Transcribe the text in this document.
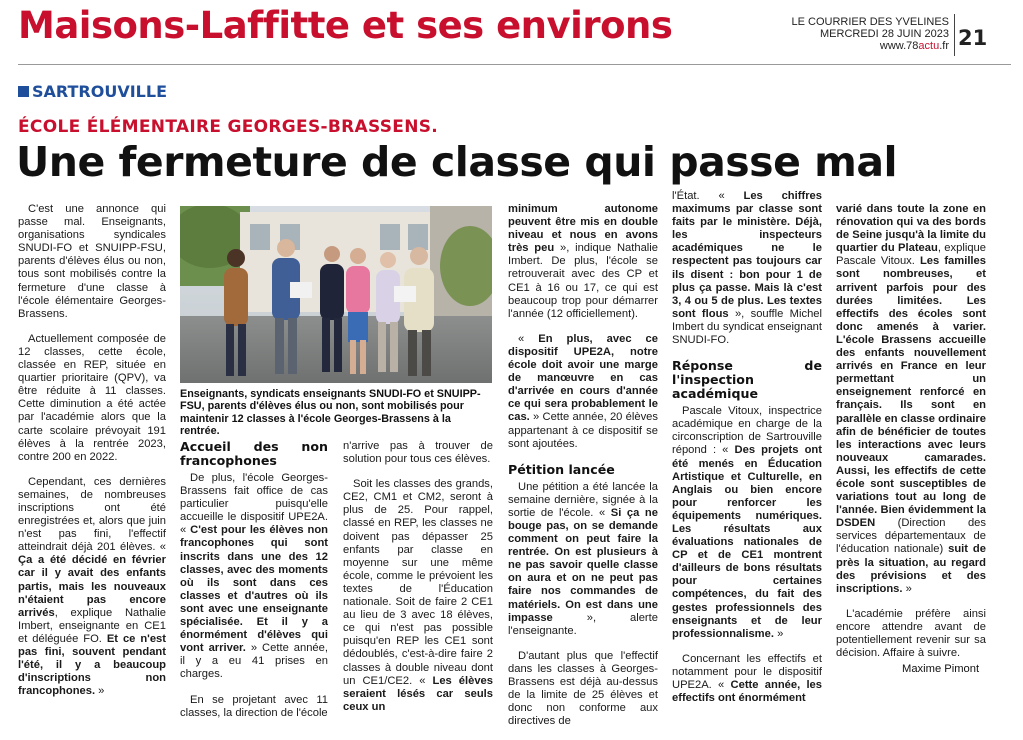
Maisons-Laffitte et ses environs	LE COURRIER DES YVELINES
MERCREDI 28 JUIN 2023
www.78actu.fr 21
SARTROUVILLE
ÉCOLE ÉLÉMENTAIRE GEORGES-BRASSENS.
Une fermeture de classe qui passe mal

C'est une annonce qui passe mal. Enseignants, organisations syndicales SNUDI-FO et SNUIPP-FSU, parents d'élèves élus ou non, tous sont mobilisés contre la fermeture d'une classe à l'école élémentaire Georges-Brassens.

Actuellement composée de 12 classes, cette école, classée en REP, située en quartier prioritaire (QPV), va être réduite à 11 classes. Cette diminution a été actée par l'académie alors que la carte scolaire prévoyait 191 élèves à la rentrée 2023, contre 200 en 2022.

Cependant, ces dernières semaines, de nombreuses inscriptions ont été enregistrées et, alors que juin n'est pas fini, l'effectif atteindrait déjà 201 élèves. « Ça a été décidé en février car il y avait des enfants partis, mais les nouveaux n'étaient pas encore arrivés, explique Nathalie Imbert, enseignante en CE1 et déléguée FO. Et ce n'est pas fini, souvent pendant l'été, il y a beaucoup d'inscriptions non francophones. »

Enseignants, syndicats enseignants SNUDI-FO et SNUIPP-FSU, parents d'élèves élus ou non, sont mobilisés pour maintenir 12 classes à l'école Georges-Brassens à la rentrée.
Accueil des non francophones

De plus, l'école Georges-Brassens fait office de cas particulier puisqu'elle accueille le dispositif UPE2A. « C'est pour les élèves non francophones qui sont inscrits dans une des 12 classes, avec des moments où ils sont dans ces classes et d'autres où ils sont avec une enseignante spécialisée. Et il y a énormément d'élèves qui vont arriver. » Cette année, il y a eu 41 prises en charges.

En se projetant avec 11 classes, la direction de l'école

n'arrive pas à trouver de solution pour tous ces élèves.

Soit les classes des grands, CE2, CM1 et CM2, seront à plus de 25. Pour rappel, classé en REP, les classes ne doivent pas dépasser 25 enfants par classe en moyenne sur une même école, comme le prévoient les textes de l'Éducation nationale. Soit de faire 2 CE1 au lieu de 3 avec 18 élèves, ce qui n'est pas possible puisqu'en REP les CE1 sont dédoublés, c'est-à-dire faire 2 classes à double niveau dont un CE1/CE2. « Les élèves seraient lésés car seuls ceux un

minimum autonome peuvent être mis en double niveau et nous en avons très peu », indique Nathalie Imbert. De plus, l'école se retrouverait avec des CP et CE1 à 16 ou 17, ce qui est beaucoup trop pour démarrer l'année (12 officiellement).

« En plus, avec ce dispositif UPE2A, notre école doit avoir une marge de manœuvre en cas d'arrivée en cours d'année ce qui sera probablement le cas. » Cette année, 20 élèves appartenant à ce dispositif se sont ajoutées.

Pétition lancée

Une pétition a été lancée la semaine dernière, signée à la sortie de l'école. « Si ça ne bouge pas, on se demande comment on peut faire la rentrée. On est plusieurs à ne pas savoir quelle classe on aura et on ne peut pas faire nos commandes de matériels. On est dans une impasse », alerte l'enseignante.

D'autant plus que l'effectif dans les classes à Georges-Brassens est déjà au-dessus de la limite de 25 élèves et donc non conforme aux directives de

l'État. « Les chiffres maximums par classe sont faits par le ministère. Déjà, les inspecteurs académiques ne le respectent pas toujours car ils disent : bon pour 1 de plus ça passe. Mais là c'est 3, 4 ou 5 de plus. Les textes sont flous », souffle Michel Imbert du syndicat enseignant SNUDI-FO.

Réponse de l'inspection académique

Pascale Vitoux, inspectrice académique en charge de la circonscription de Sartrouville répond : « Des projets ont été menés en Éducation Artistique et Culturelle, en Anglais ou bien encore pour renforcer les équipements numériques. Les résultats aux évaluations nationales de CP et de CE1 montrent d'ailleurs de bons résultats pour certaines compétences, du fait des gestes professionnels des enseignants et de leur professionnalisme. »

Concernant les effectifs et notamment pour le dispositif UPE2A. « Cette année, les effectifs ont énormément

varié dans toute la zone en rénovation qui va des bords de Seine jusqu'à la limite du quartier du Plateau, explique Pascale Vitoux. Les familles sont nombreuses, et arrivent parfois pour des durées limitées. Les effectifs des écoles sont donc amenés à varier. L'école Brassens accueille des enfants nouvellement arrivés en France en leur permettant un enseignement renforcé en français. Ils sont en parallèle en classe ordinaire afin de bénéficier de toutes les interactions avec leurs nouveaux camarades. Aussi, les effectifs de cette école sont susceptibles de variations tout au long de l'année. Bien évidemment la DSDEN (Direction des services départementaux de l'éducation nationale) suit de près la situation, au regard des prévisions et des inscriptions. »

L'académie préfère ainsi encore attendre avant de potentiellement revenir sur sa décision. Affaire à suivre.

Maxime Pimont
